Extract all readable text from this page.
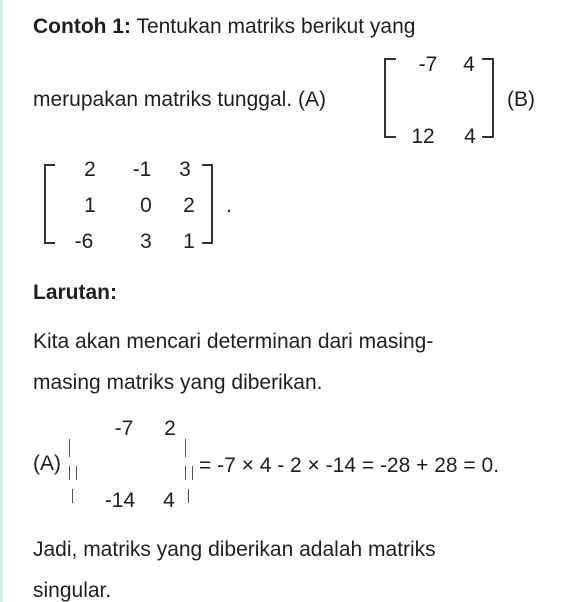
Contoh 1: Tentukan matriks berikut yang
merupakan matriks tunggal. (A)
-7	4
12	4
(B)
2	-1	3
1	0	2
-6	3	1
.
Larutan:
Kita akan mencari determinan dari masing-
masing matriks yang diberikan.
(A)
-7	2
-14	4
= -7 × 4 - 2 × -14 = -28 + 28 = 0.
Jadi, matriks yang diberikan adalah matriks
singular.
